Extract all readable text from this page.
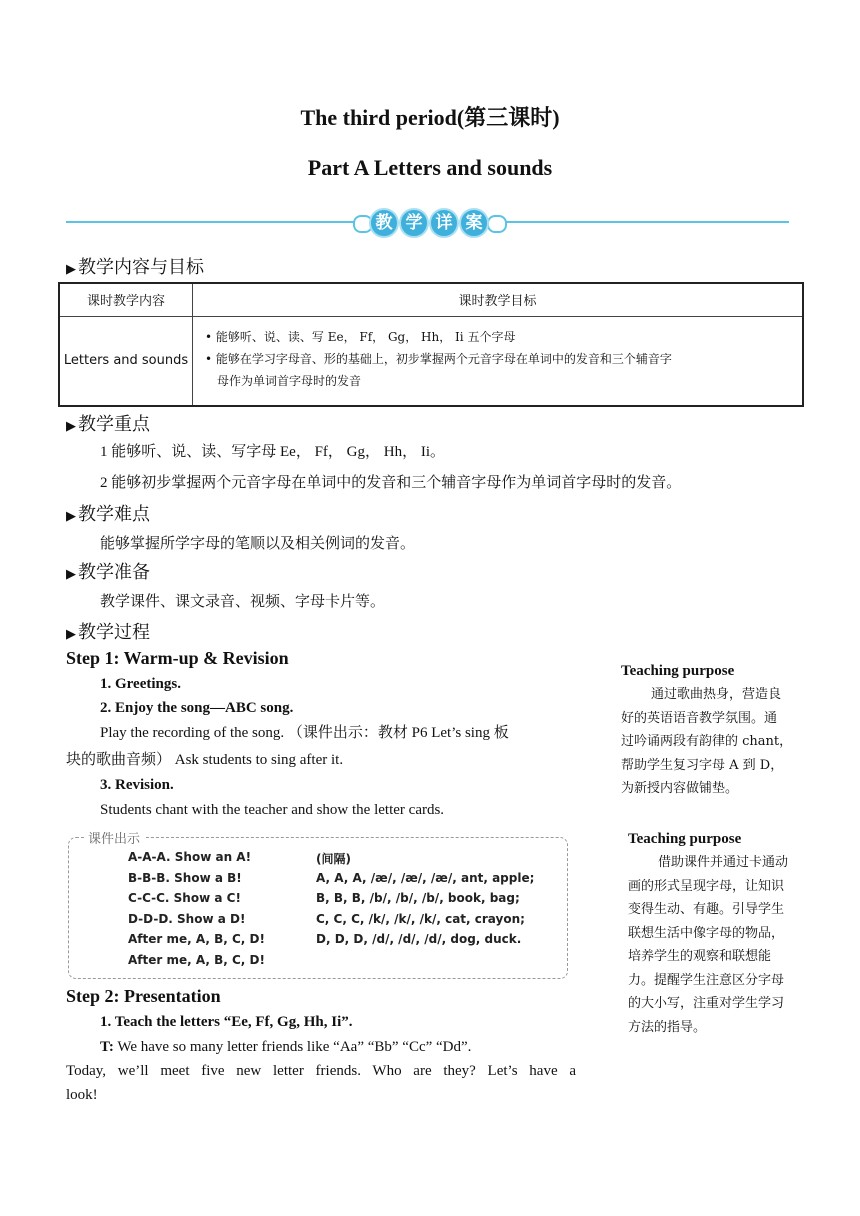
The third period(第三课时)
Part A Letters and sounds
教 学 详 案
▶ 教学内容与目标
课时教学内容	课时教学目标
Letters and sounds	• 能够听、说、读、写 Ee， Ff， Gg， Hh， Ii 五个字母
• 能够在学习字母音、形的基础上，初步掌握两个元音字母在单词中的发音和三个辅音字
母作为单词首字母时的发音
▶ 教学重点
1 能够听、说、读、写字母 Ee， Ff， Gg， Hh， Ii。
2 能够初步掌握两个元音字母在单词中的发音和三个辅音字母作为单词首字母时的发音。
▶ 教学难点
能够掌握所学字母的笔顺以及相关例词的发音。
▶ 教学准备
教学课件、课文录音、视频、字母卡片等。
▶ 教学过程
Step 1: Warm-up & Revision
1. Greetings.
2. Enjoy the song—ABC song.
Play the recording of the song. （课件出示：教材 P6 Let’s sing 板
块的歌曲音频） Ask students to sing after it.
3. Revision.
Students chant with the teacher and show the letter cards.
课件出示
A-A-A. Show an A!
B-B-B. Show a B!
C-C-C. Show a C!
D-D-D. Show a D!
After me, A, B, C, D!
After me, A, B, C, D!
(间隔)
A, A, A, /æ/, /æ/, /æ/, ant, apple;
B, B, B, /b/, /b/, /b/, book, bag;
C, C, C, /k/, /k/, /k/, cat, crayon;
D, D, D, /d/, /d/, /d/, dog, duck.
Step 2: Presentation
1. Teach the letters “Ee, Ff, Gg, Hh, Ii”.
T: We have so many letter friends like “Aa” “Bb” “Cc” “Dd”.
Today, we’ll meet five new letter friends. Who are they? Let’s have a
look!
Teaching purpose
通过歌曲热身，营造良
好的英语语音教学氛围。通
过吟诵两段有韵律的 chant，
帮助学生复习字母 A 到 D，
为新授内容做铺垫。
Teaching purpose
借助课件并通过卡通动
画的形式呈现字母，让知识
变得生动、有趣。引导学生
联想生活中像字母的物品，
培养学生的观察和联想能
力。提醒学生注意区分字母
的大小写，注重对学生学习
方法的指导。
